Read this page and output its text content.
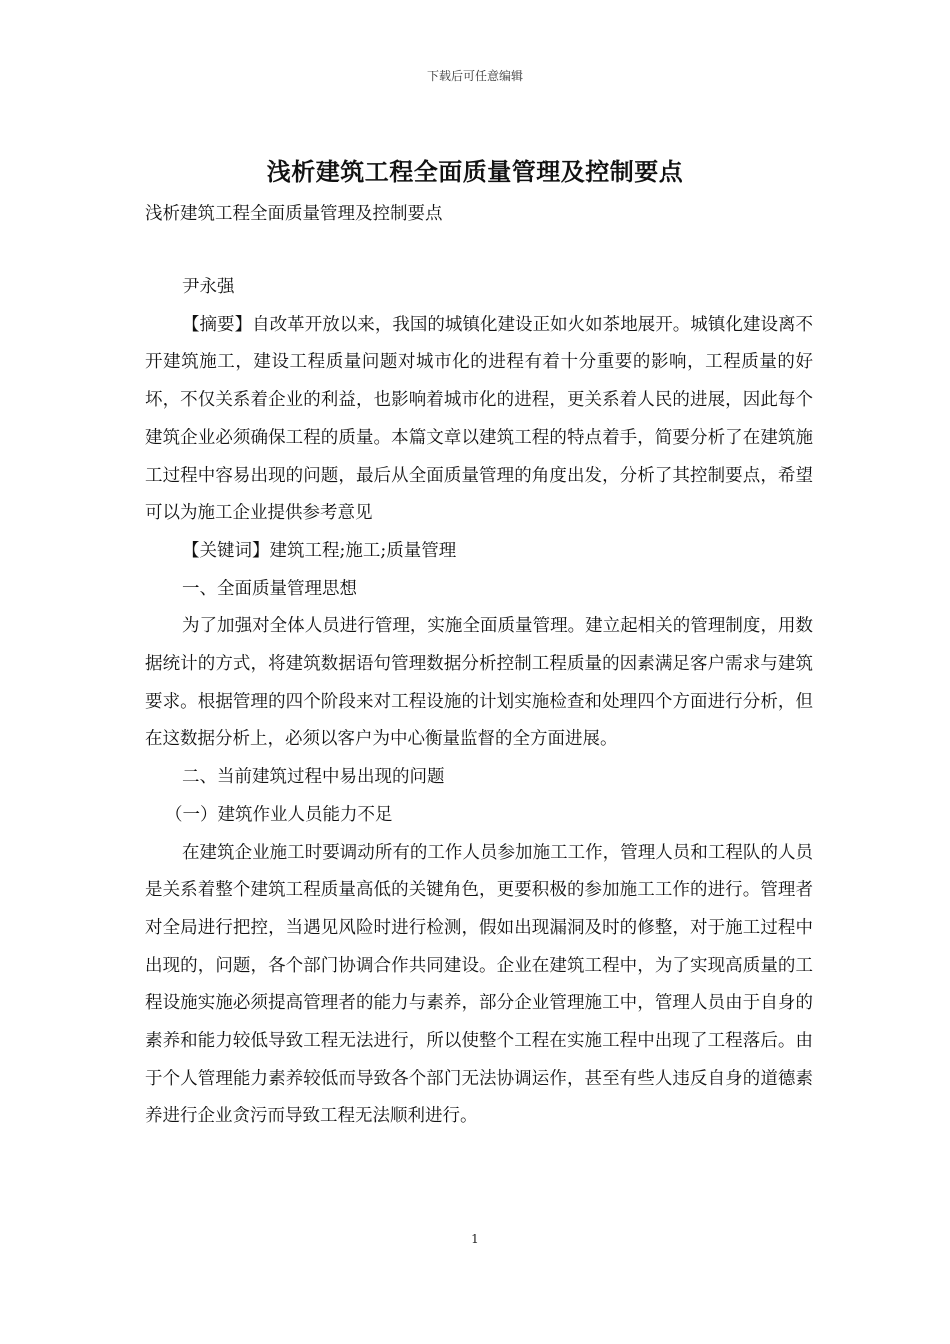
下载后可任意编辑
浅析建筑工程全面质量管理及控制要点
浅析建筑工程全面质量管理及控制要点

尹永强

【摘要】自改革开放以来，我国的城镇化建设正如火如茶地展开。城镇化建设离不开建筑施工，建设工程质量问题对城市化的进程有着十分重要的影响，工程质量的好坏，不仅关系着企业的利益，也影响着城市化的进程，更关系着人民的进展，因此每个建筑企业必须确保工程的质量。本篇文章以建筑工程的特点着手，简要分析了在建筑施工过程中容易出现的问题，最后从全面质量管理的角度出发，分析了其控制要点，希望可以为施工企业提供参考意见

【关键词】建筑工程;施工;质量管理

一、全面质量管理思想

为了加强对全体人员进行管理，实施全面质量管理。建立起相关的管理制度，用数据统计的方式，将建筑数据语句管理数据分析控制工程质量的因素满足客户需求与建筑要求。根据管理的四个阶段来对工程设施的计划实施检查和处理四个方面进行分析，但在这数据分析上，必须以客户为中心衡量监督的全方面进展。

二、当前建筑过程中易出现的问题

（一）建筑作业人员能力不足

在建筑企业施工时要调动所有的工作人员参加施工工作，管理人员和工程队的人员是关系着整个建筑工程质量高低的关键角色，更要积极的参加施工工作的进行。管理者对全局进行把控，当遇见风险时进行检测，假如出现漏洞及时的修整，对于施工过程中出现的，问题，各个部门协调合作共同建设。企业在建筑工程中，为了实现高质量的工程设施实施必须提高管理者的能力与素养，部分企业管理施工中，管理人员由于自身的素养和能力较低导致工程无法进行，所以使整个工程在实施工程中出现了工程落后。由于个人管理能力素养较低而导致各个部门无法协调运作，甚至有些人违反自身的道德素养进行企业贪污而导致工程无法顺利进行。

1
